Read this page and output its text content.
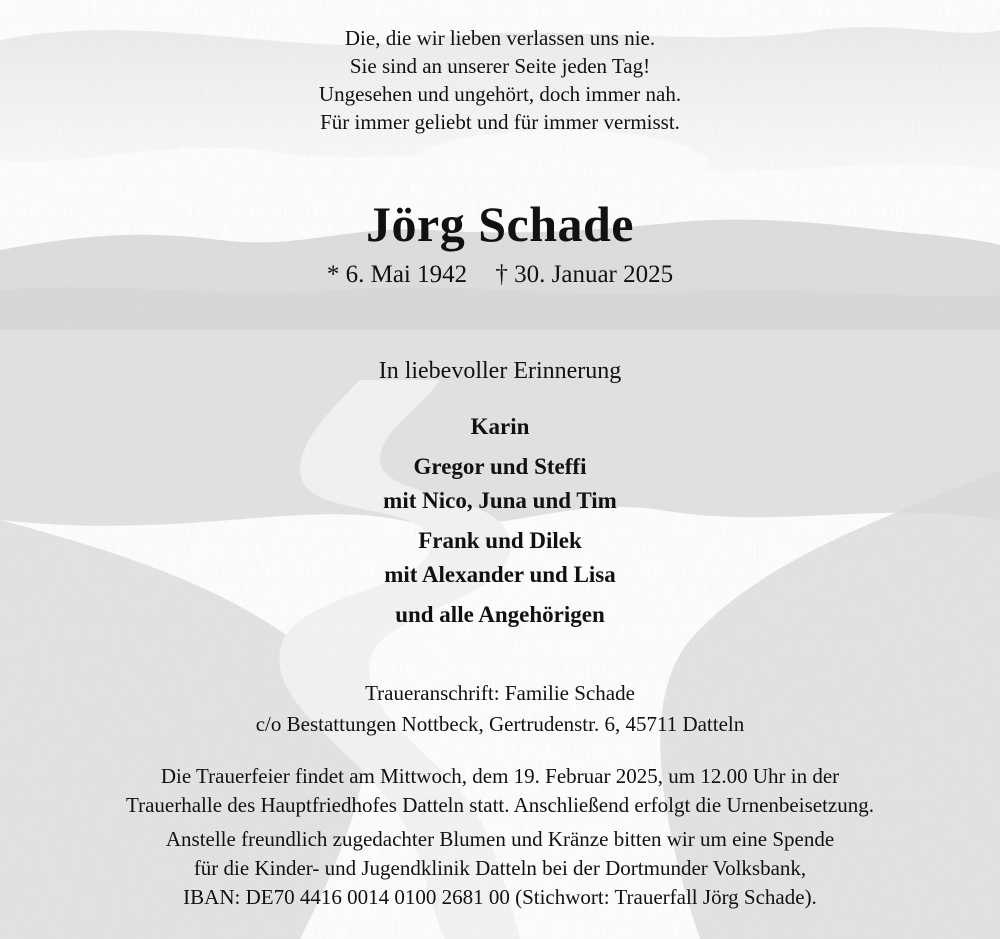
Die, die wir lieben verlassen uns nie.
Sie sind an unserer Seite jeden Tag!
Ungesehen und ungehört, doch immer nah.
Für immer geliebt und für immer vermisst.
Jörg Schade
* 6. Mai 1942 † 30. Januar 2025
In liebevoller Erinnerung
Karin
Gregor und Steffi
mit Nico, Juna und Tim
Frank und Dilek
mit Alexander und Lisa
und alle Angehörigen
Traueranschrift: Familie Schade
c/o Bestattungen Nottbeck, Gertrudenstr. 6, 45711 Datteln
Die Trauerfeier findet am Mittwoch, dem 19. Februar 2025, um 12.00 Uhr in der
Trauerhalle des Hauptfriedhofes Datteln statt. Anschließend erfolgt die Urnenbeisetzung.
Anstelle freundlich zugedachter Blumen und Kränze bitten wir um eine Spende
für die Kinder- und Jugendklinik Datteln bei der Dortmunder Volksbank,
IBAN: DE70 4416 0014 0100 2681 00 (Stichwort: Trauerfall Jörg Schade).
